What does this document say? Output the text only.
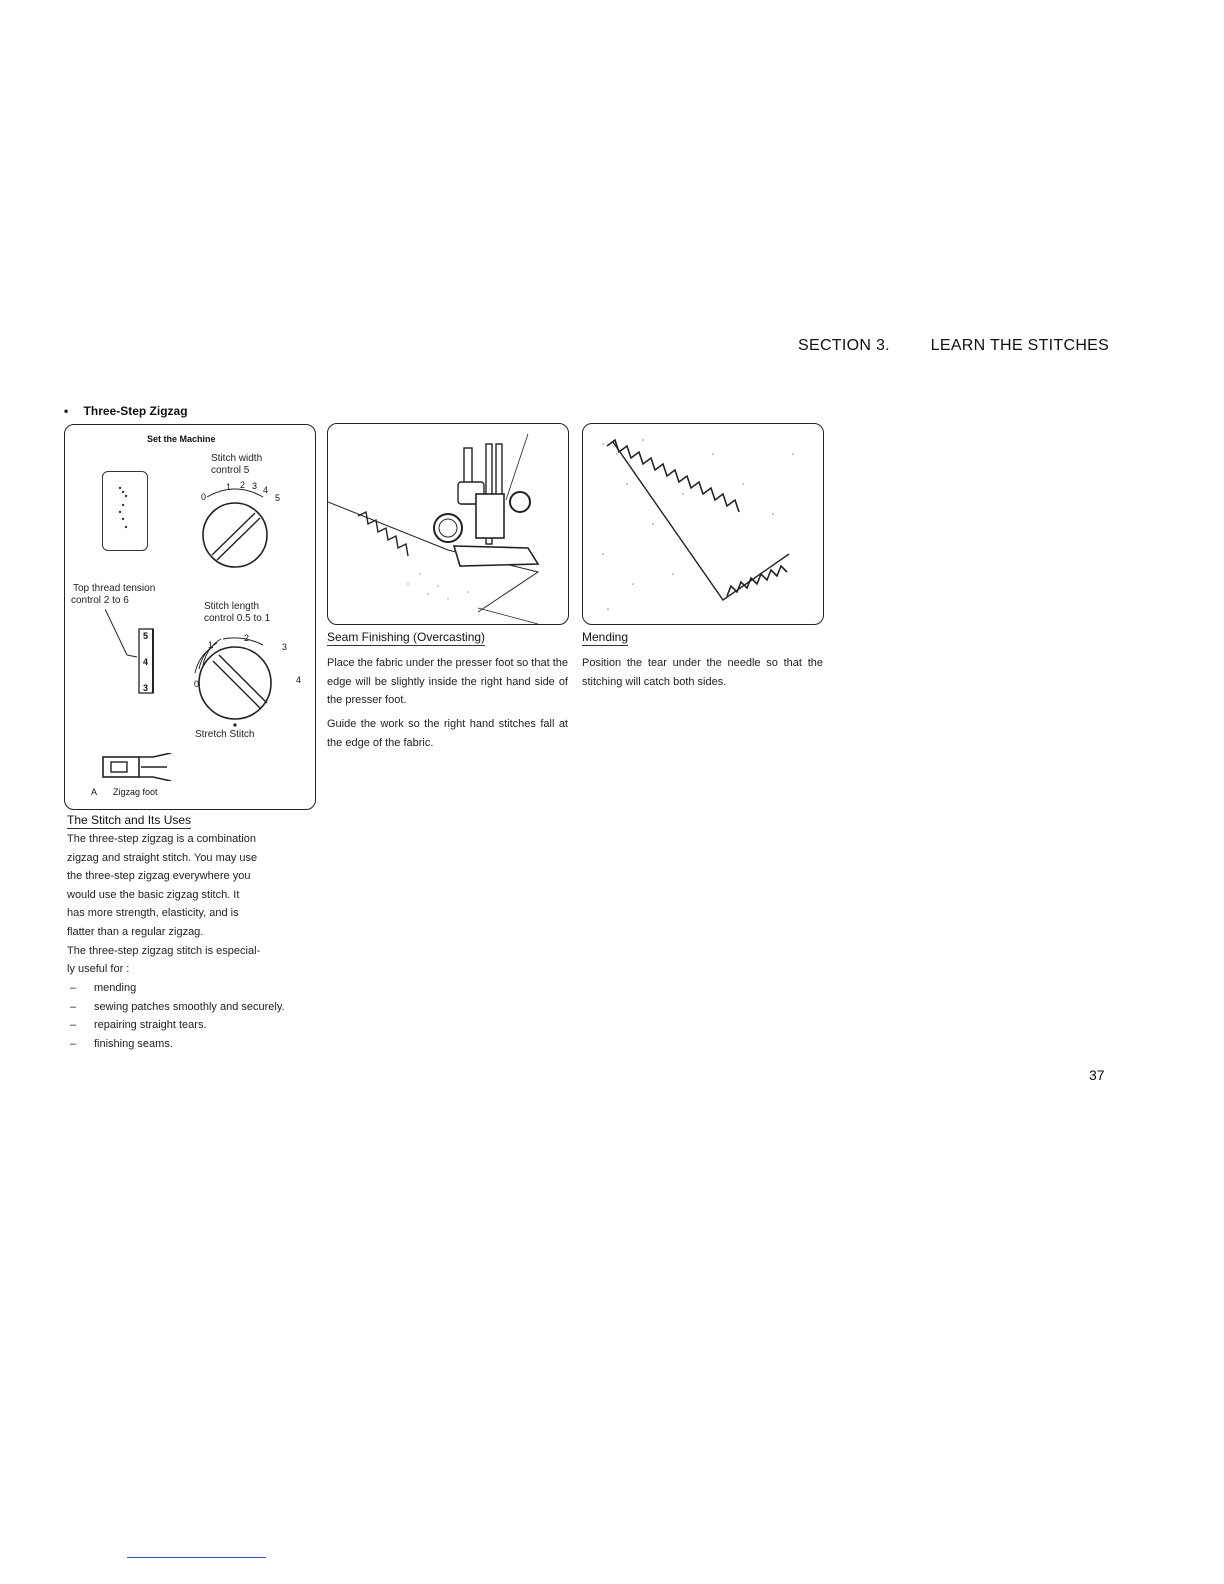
SECTION 3.	LEARN THE STITCHES
• Three-Step Zigzag
Set the Machine
Stitch width
control 5
0
1 2 3 4
5
Top thread tension
control 2 to 6
5
4
3
Stitch length
control 0.5 to 1
0
1
2
3
4
Stretch Stitch
A Zigzag foot
The Stitch and Its Uses
The three-step zigzag is a combination
zigzag and straight stitch. You may use
the three-step zigzag everywhere you
would use the basic zigzag stitch. It
has more strength, elasticity, and is
flatter than a regular zigzag.
The three-step zigzag stitch is especial-
ly useful for :
– mending
– sewing patches smoothly and securely.
– repairing straight tears.
– finishing seams.
Seam Finishing (Overcasting)
Place the fabric under the presser foot so that the edge will be slightly inside the right hand side of the presser foot.
Guide the work so the right hand stitches fall at the edge of the fabric.
Mending
Position the tear under the needle so that the stitching will catch both sides.
37
